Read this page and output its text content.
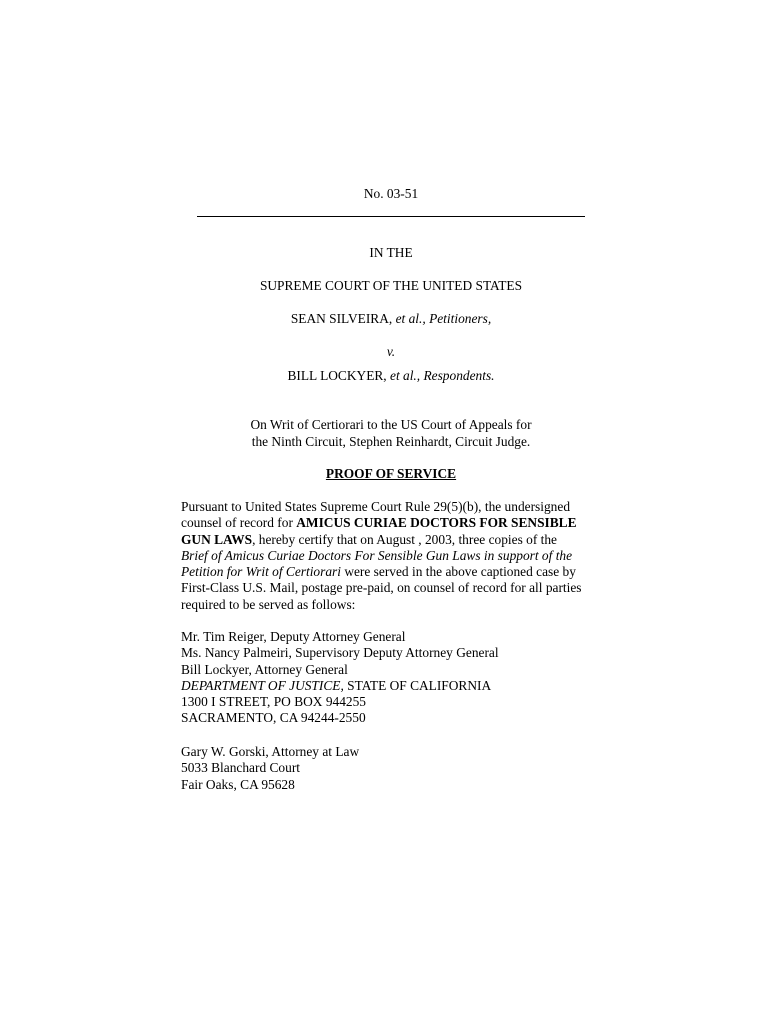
No. 03-51
IN THE
SUPREME COURT OF THE UNITED STATES
SEAN SILVEIRA, et al., Petitioners,
v.
BILL LOCKYER, et al., Respondents.
On Writ of Certiorari to the US Court of Appeals for
the Ninth Circuit, Stephen Reinhardt, Circuit Judge.
PROOF OF SERVICE
Pursuant to United States Supreme Court Rule 29(5)(b), the undersigned
counsel of record for AMICUS CURIAE DOCTORS FOR SENSIBLE
GUN LAWS, hereby certify that on August , 2003, three copies of the
Brief of Amicus Curiae Doctors For Sensible Gun Laws in support of the
Petition for Writ of Certiorari were served in the above captioned case by
First-Class U.S. Mail, postage pre-paid, on counsel of record for all parties
required to be served as follows:
Mr. Tim Reiger, Deputy Attorney General
Ms. Nancy Palmeiri, Supervisory Deputy Attorney General
Bill Lockyer, Attorney General
DEPARTMENT OF JUSTICE, STATE OF CALIFORNIA
1300 I STREET, PO BOX 944255
SACRAMENTO, CA 94244-2550
Gary W. Gorski, Attorney at Law
5033 Blanchard Court
Fair Oaks, CA 95628
